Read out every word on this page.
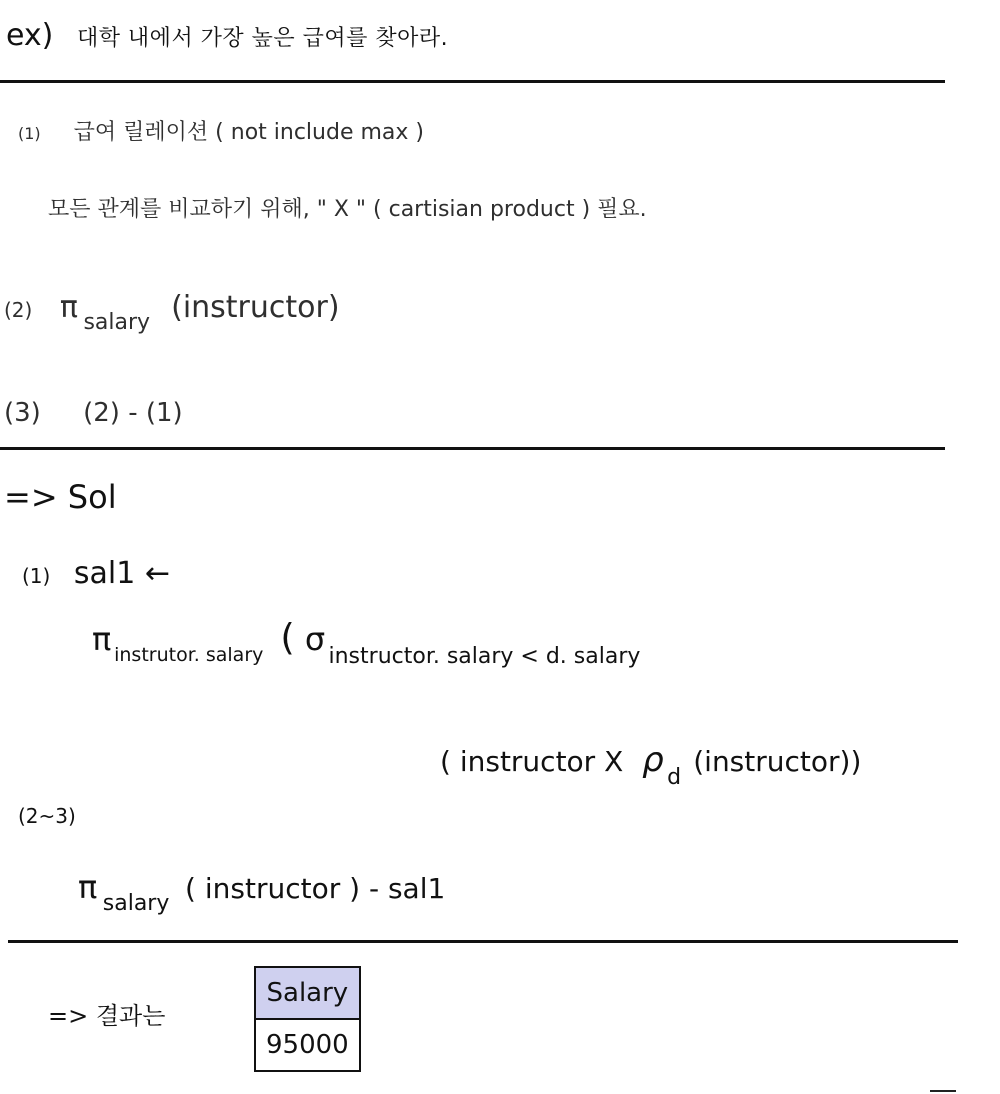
ex) 대학 내에서 가장 높은 급여를 찾아라.
(1) 급여 릴레이션 ( not include max )
모든 관계를 비교하기 위해, " X " ( cartisian product ) 필요.
(2) π $_{salary}$ (instructor)
(3) (2) - (1)
=> Sol
(1) sal1 ←
π $_{instrutor. salary}$ ( σ $_{instructor. salary < d. salary}$
( instructor X ρ $_d$ (instructor))
(2~3)
π $_{salary}$ ( instructor ) - sal1
=> 결과는
Salary
95000
